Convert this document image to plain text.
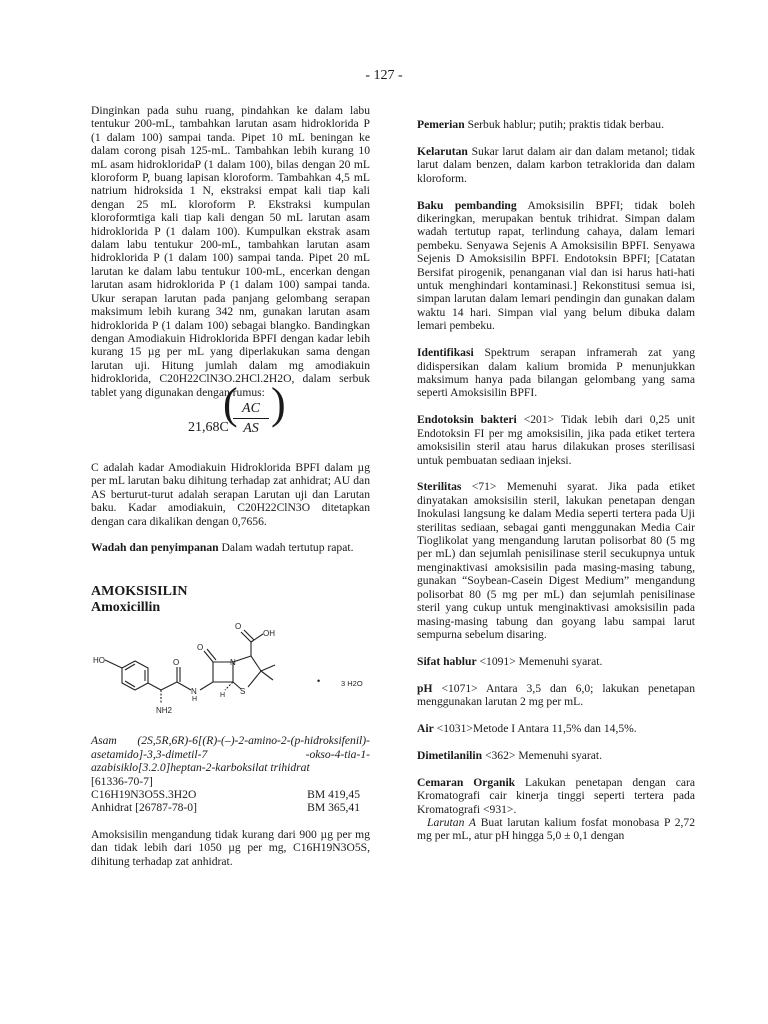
- 127 -

Dinginkan pada suhu ruang, pindahkan ke dalam labu tentukur 200-mL, tambahkan larutan asam hidroklorida P (1 dalam 100) sampai tanda. Pipet 10 mL beningan ke dalam corong pisah 125-mL. Tambahkan lebih kurang 10 mL asam hidrokloridaP (1 dalam 100), bilas dengan 20 mL kloroform P, buang lapisan kloroform. Tambahkan 4,5 mL natrium hidroksida 1 N, ekstraksi empat kali tiap kali dengan 25 mL kloroform P. Ekstraksi kumpulan kloroformtiga kali tiap kali dengan 50 mL larutan asam hidroklorida P (1 dalam 100). Kumpulkan ekstrak asam dalam labu tentukur 200-mL, tambahkan larutan asam hidroklorida P (1 dalam 100) sampai tanda. Pipet 20 mL larutan ke dalam labu tentukur 100-mL, encerkan dengan larutan asam hidroklorida P (1 dalam 100) sampai tanda. Ukur serapan larutan pada panjang gelombang serapan maksimum lebih kurang 342 nm, gunakan larutan asam hidroklorida P (1 dalam 100) sebagai blangko. Bandingkan dengan Amodiakuin Hidroklorida BPFI dengan kadar lebih kurang 15 µg per mL yang diperlakukan sama dengan larutan uji. Hitung jumlah dalam mg amodiakuin hidroklorida, C20H22ClN3O.2HCl.2H2O, dalam serbuk tablet yang digunakan dengan rumus:

21,68C
( AC
AS
)

C adalah kadar Amodiakuin Hidroklorida BPFI dalam µg per mL larutan baku dihitung terhadap zat anhidrat; AU dan AS berturut-turut adalah serapan Larutan uji dan Larutan baku. Kadar amodiakuin, C20H22ClN3O ditetapkan dengan cara dikalikan dengan 0,7656.

Wadah dan penyimpanan Dalam wadah tertutup rapat.

AMOKSISILIN
Amoxicillin
HO
NH2
O
N
H
O
N
S
H
O
OH
•	3 H2O

Asam (2S,5R,6R)-6[(R)-(–)-2-amino-2-(p-hidroksifenil)-asetamido]-3,3-dimetil-7 -okso-4-tia-1-azabisiklo[3.2.0]heptan-2-karboksilat trihidrat

[61336-70-7]

C16H19N3O5S.3H2O	BM 419,45
Anhidrat [26787-78-0]	BM 365,41

Amoksisilin mengandung tidak kurang dari 900 µg per mg dan tidak lebih dari 1050 µg per mg, C16H19N3O5S, dihitung terhadap zat anhidrat.

Pemerian Serbuk hablur; putih; praktis tidak berbau.

Kelarutan Sukar larut dalam air dan dalam metanol; tidak larut dalam benzen, dalam karbon tetraklorida dan dalam kloroform.

Baku pembanding Amoksisilin BPFI; tidak boleh dikeringkan, merupakan bentuk trihidrat. Simpan dalam wadah tertutup rapat, terlindung cahaya, dalam lemari pembeku. Senyawa Sejenis A Amoksisilin BPFI. Senyawa Sejenis D Amoksisilin BPFI. Endotoksin BPFI; [Catatan Bersifat pirogenik, penanganan vial dan isi harus hati-hati untuk menghindari kontaminasi.] Rekonstitusi semua isi, simpan larutan dalam lemari pendingin dan gunakan dalam waktu 14 hari. Simpan vial yang belum dibuka dalam lemari pembeku.

Identifikasi Spektrum serapan inframerah zat yang didispersikan dalam kalium bromida P menunjukkan maksimum hanya pada bilangan gelombang yang sama seperti Amoksisilin BPFI.

Endotoksin bakteri <201> Tidak lebih dari 0,25 unit Endotoksin FI per mg amoksisilin, jika pada etiket tertera amoksisilin steril atau harus dilakukan proses sterilisasi untuk pembuatan sediaan injeksi.

Sterilitas <71> Memenuhi syarat. Jika pada etiket dinyatakan amoksisilin steril, lakukan penetapan dengan Inokulasi langsung ke dalam Media seperti tertera pada Uji sterilitas sediaan, sebagai ganti menggunakan Media Cair Tioglikolat yang mengandung larutan polisorbat 80 (5 mg per mL) dan sejumlah penisilinase steril secukupnya untuk menginaktivasi amoksisilin pada masing-masing tabung, gunakan “Soybean-Casein Digest Medium” mengandung polisorbat 80 (5 mg per mL) dan sejumlah penisilinase steril yang cukup untuk menginaktivasi amoksisilin pada masing-masing tabung dan goyang labu sampai larut sempurna sebelum disaring.

Sifat hablur <1091> Memenuhi syarat.

pH <1071> Antara 3,5 dan 6,0; lakukan penetapan menggunakan larutan 2 mg per mL.

Air <1031>Metode I Antara 11,5% dan 14,5%.

Dimetilanilin <362> Memenuhi syarat.

Cemaran Organik Lakukan penetapan dengan cara Kromatografi cair kinerja tinggi seperti tertera pada Kromatografi <931>.

Larutan A Buat larutan kalium fosfat monobasa P 2,72 mg per mL, atur pH hingga 5,0 ± 0,1 dengan
